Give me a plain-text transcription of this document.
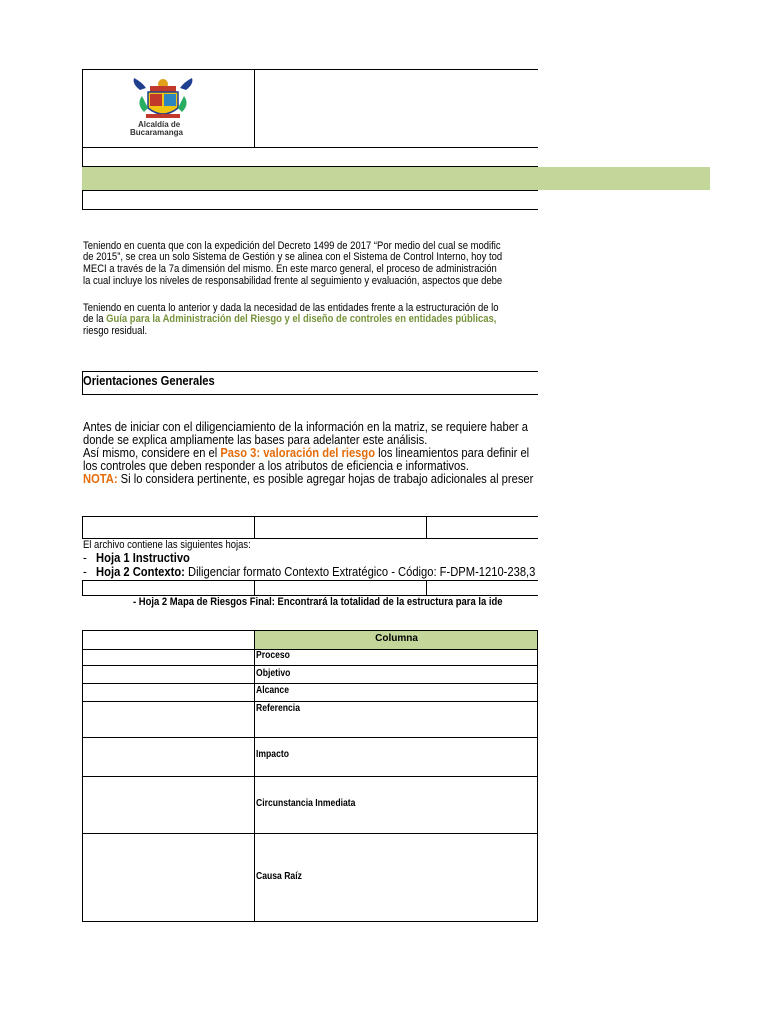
Alcaldía de
Bucaramanga
Teniendo en cuenta que con la expedición del Decreto 1499 de 2017 “Por medio del cual se modific
de 2015”, se crea un solo Sistema de Gestión y se alinea con el Sistema de Control Interno, hoy tod
MECI a través de la 7a dimensión del mismo. En este marco general, el proceso de administración
la cual incluye los niveles de responsabilidad frente al seguimiento y evaluación, aspectos que debe
Teniendo en cuenta lo anterior y dada la necesidad de las entidades frente a la estructuración de lo
de la Guía para la Administración del Riesgo y el diseño de controles en entidades públicas,
riesgo residual.
Orientaciones Generales
Antes de iniciar con el diligenciamiento de la información en la matriz, se requiere haber a
donde se explica ampliamente las bases para adelanter este análisis.
Así mismo, considere en el Paso 3: valoración del riesgo los lineamientos para definir el
los controles que deben responder a los atributos de eficiencia e informativos.
NOTA: Si lo considera pertinente, es posible agregar hojas de trabajo adicionales al preser
El archivo contiene las siguientes hojas:
- Hoja 1 Instructivo
- Hoja 2 Contexto: Diligenciar formato Contexto Extratégico - Código: F-DPM-1210-238,3
- Hoja 2 Mapa de Riesgos Final: Encontrará la totalidad de la estructura para la ide
Columna
Proceso
Objetivo
Alcance
Referencia
Impacto
Circunstancia Inmediata
Causa Raíz
